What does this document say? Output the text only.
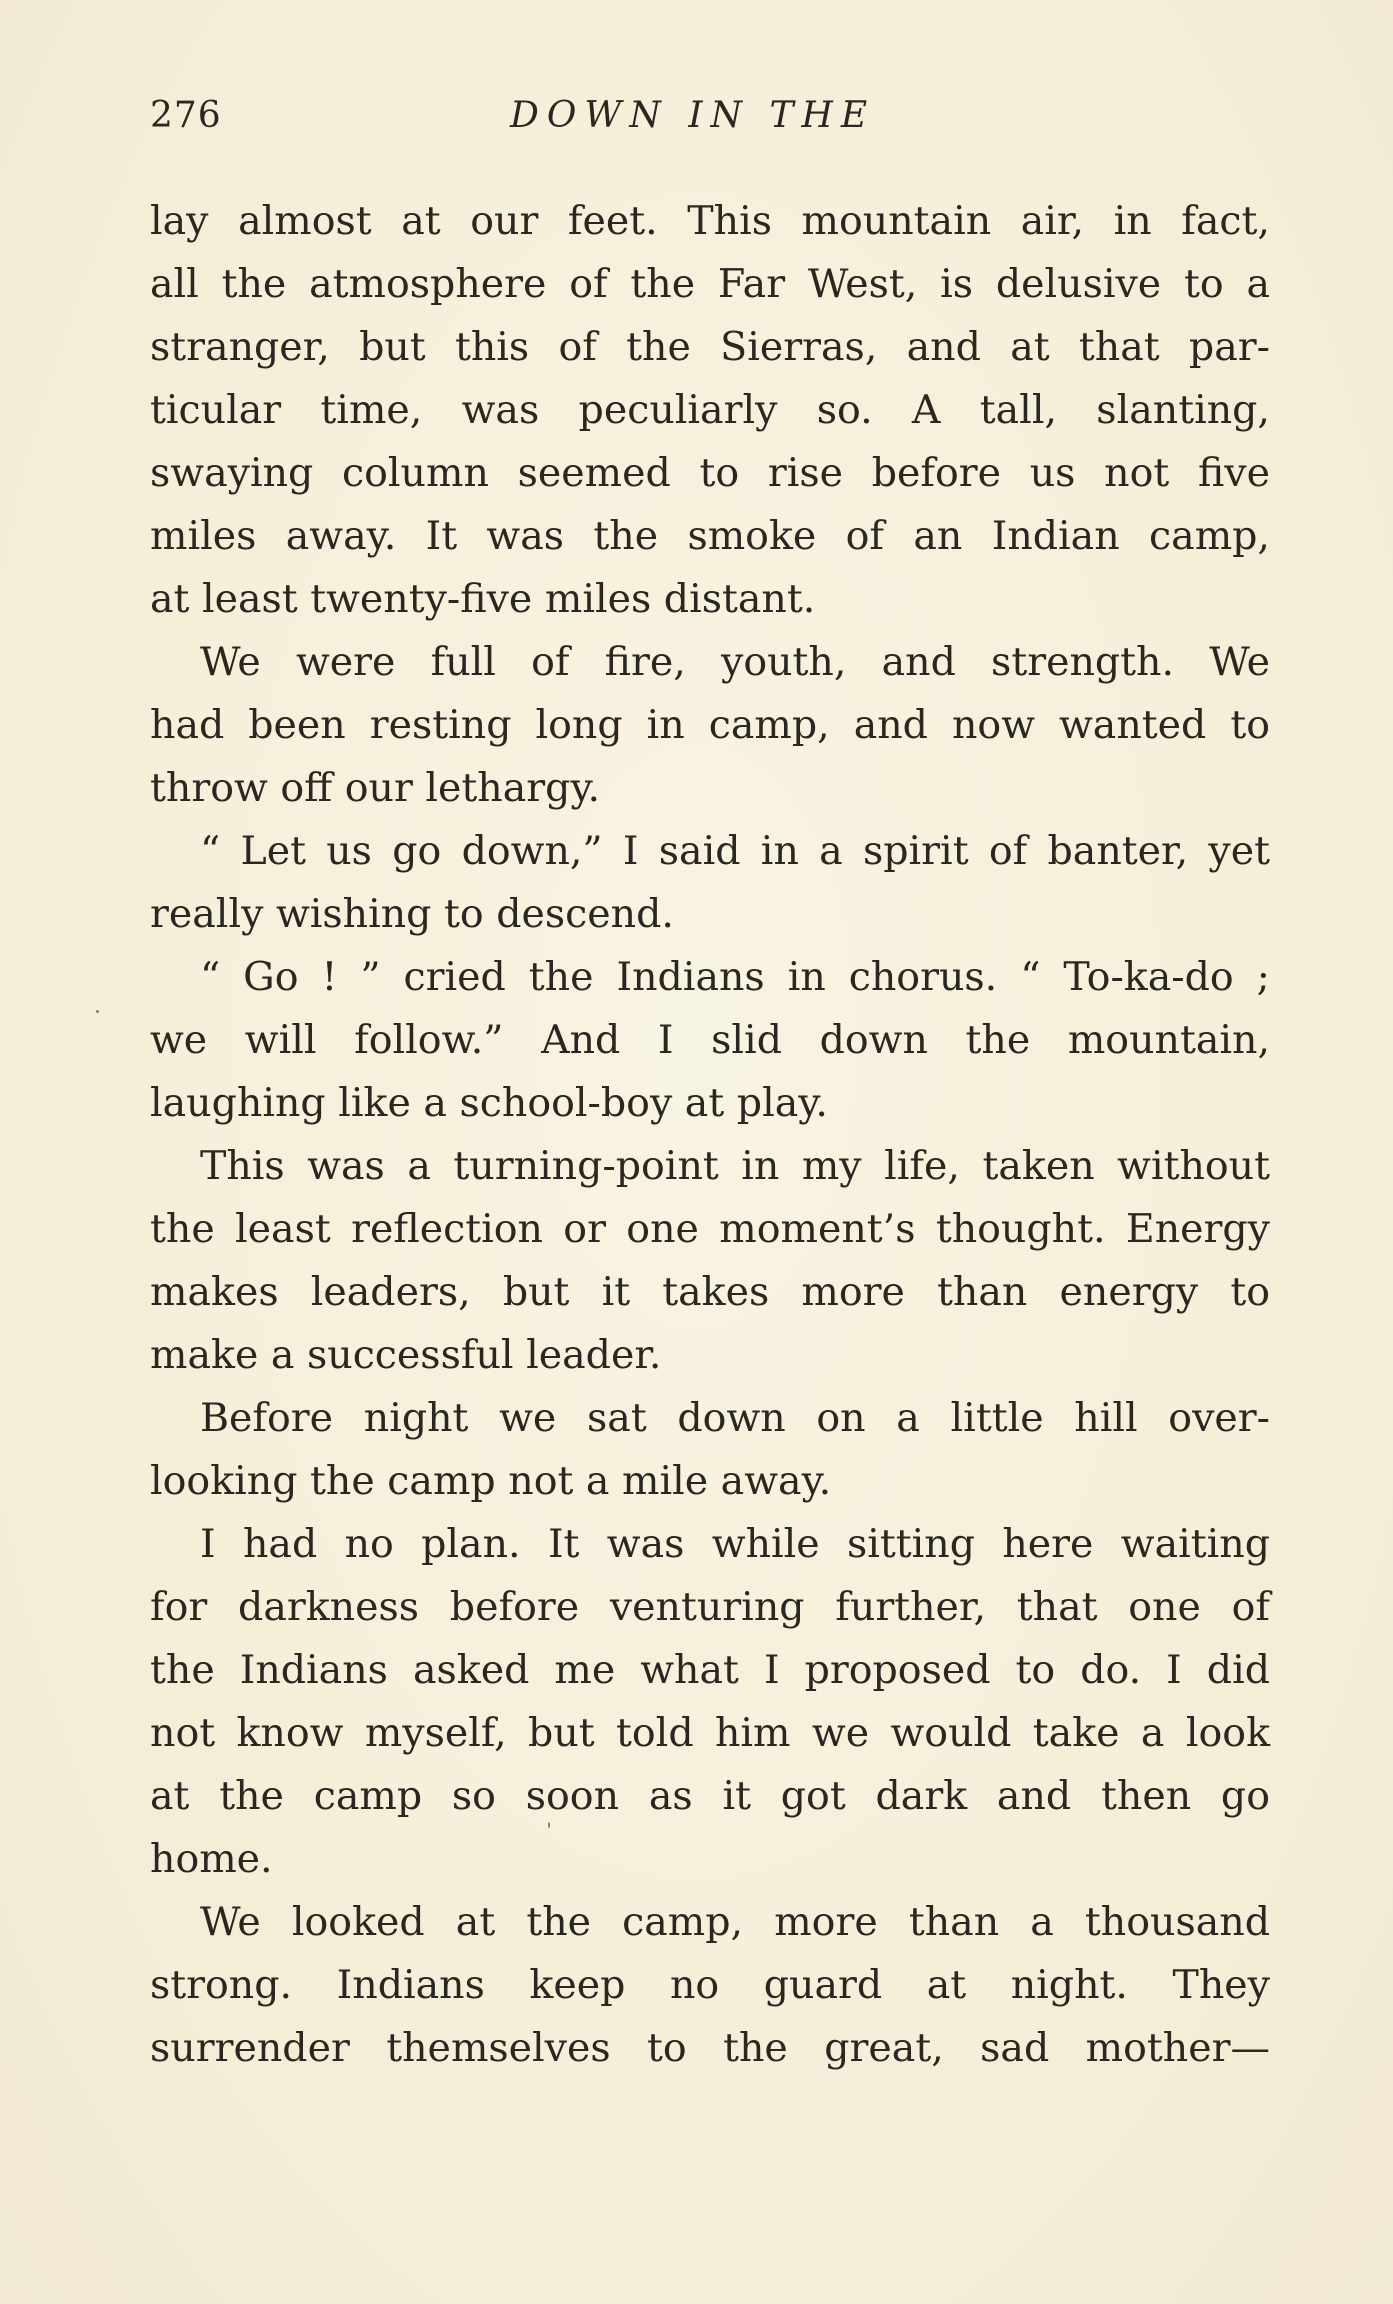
276	DOWN IN THE
lay almost at our feet. This mountain air, in fact,
all the atmosphere of the Far West, is delusive to a
stranger, but this of the Sierras, and at that par-
ticular time, was peculiarly so. A tall, slanting,
swaying column seemed to rise before us not five
miles away. It was the smoke of an Indian camp,
at least twenty-five miles distant.
We were full of fire, youth, and strength. We
had been resting long in camp, and now wanted to
throw off our lethargy.
“ Let us go down,” I said in a spirit of banter, yet
really wishing to descend.
“ Go ! ” cried the Indians in chorus. “ To-ka-do ;
we will follow.” And I slid down the mountain,
laughing like a school-boy at play.
This was a turning-point in my life, taken without
the least reflection or one moment’s thought. Energy
makes leaders, but it takes more than energy to
make a successful leader.
Before night we sat down on a little hill over-
looking the camp not a mile away.
I had no plan. It was while sitting here waiting
for darkness before venturing further, that one of
the Indians asked me what I proposed to do. I did
not know myself, but told him we would take a look
at the camp so soon as it got dark and then go
home.
We looked at the camp, more than a thousand
strong. Indians keep no guard at night. They
surrender themselves to the great, sad mother—
